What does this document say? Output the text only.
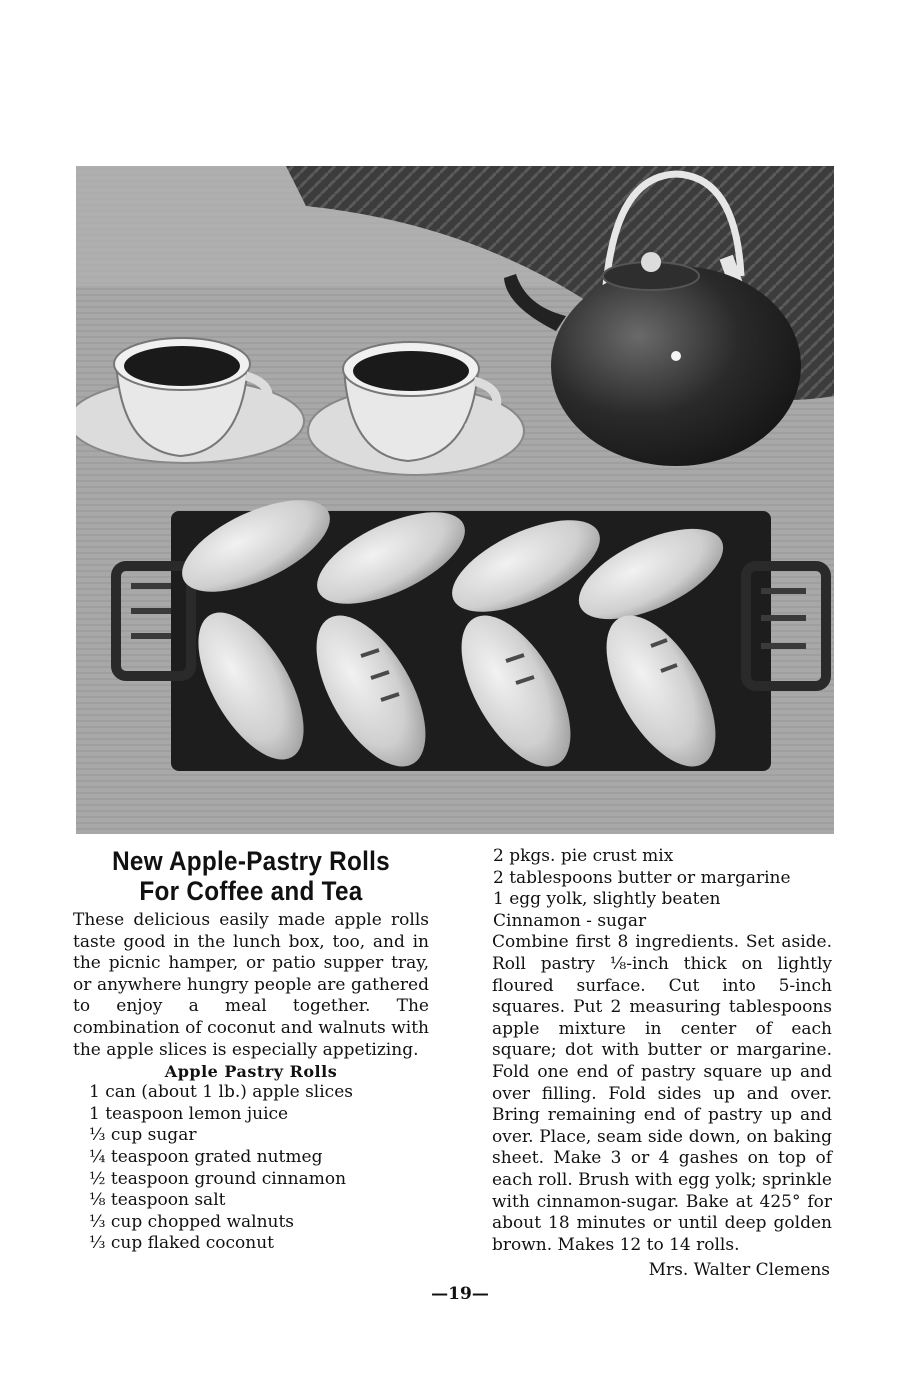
New Apple-Pastry Rolls
For Coffee and Tea

These delicious easily made apple rolls taste good in the lunch box, too, and in the picnic hamper, or patio supper tray, or anywhere hungry people are gathered to enjoy a meal together. The combination of coconut and walnuts with the apple slices is especially appetizing.

Apple Pastry Rolls

1 can (about 1 lb.) apple slices
1 teaspoon lemon juice
⅓ cup sugar
¼ teaspoon grated nutmeg
½ teaspoon ground cinnamon
⅛ teaspoon salt
⅓ cup chopped walnuts
⅓ cup flaked coconut
2 pkgs. pie crust mix
2 tablespoons butter or margarine
1 egg yolk, slightly beaten
Cinnamon - sugar

Combine first 8 ingredients. Set aside. Roll pastry ⅛-inch thick on lightly floured surface. Cut into 5-inch squares. Put 2 measuring tablespoons apple mixture in center of each square; dot with butter or margarine. Fold one end of pastry square up and over filling. Fold sides up and over. Bring remaining end of pastry up and over. Place, seam side down, on baking sheet. Make 3 or 4 gashes on top of each roll. Brush with egg yolk; sprinkle with cinnamon-sugar. Bake at 425° for about 18 minutes or until deep golden brown. Makes 12 to 14 rolls.

Mrs. Walter Clemens

—19—
